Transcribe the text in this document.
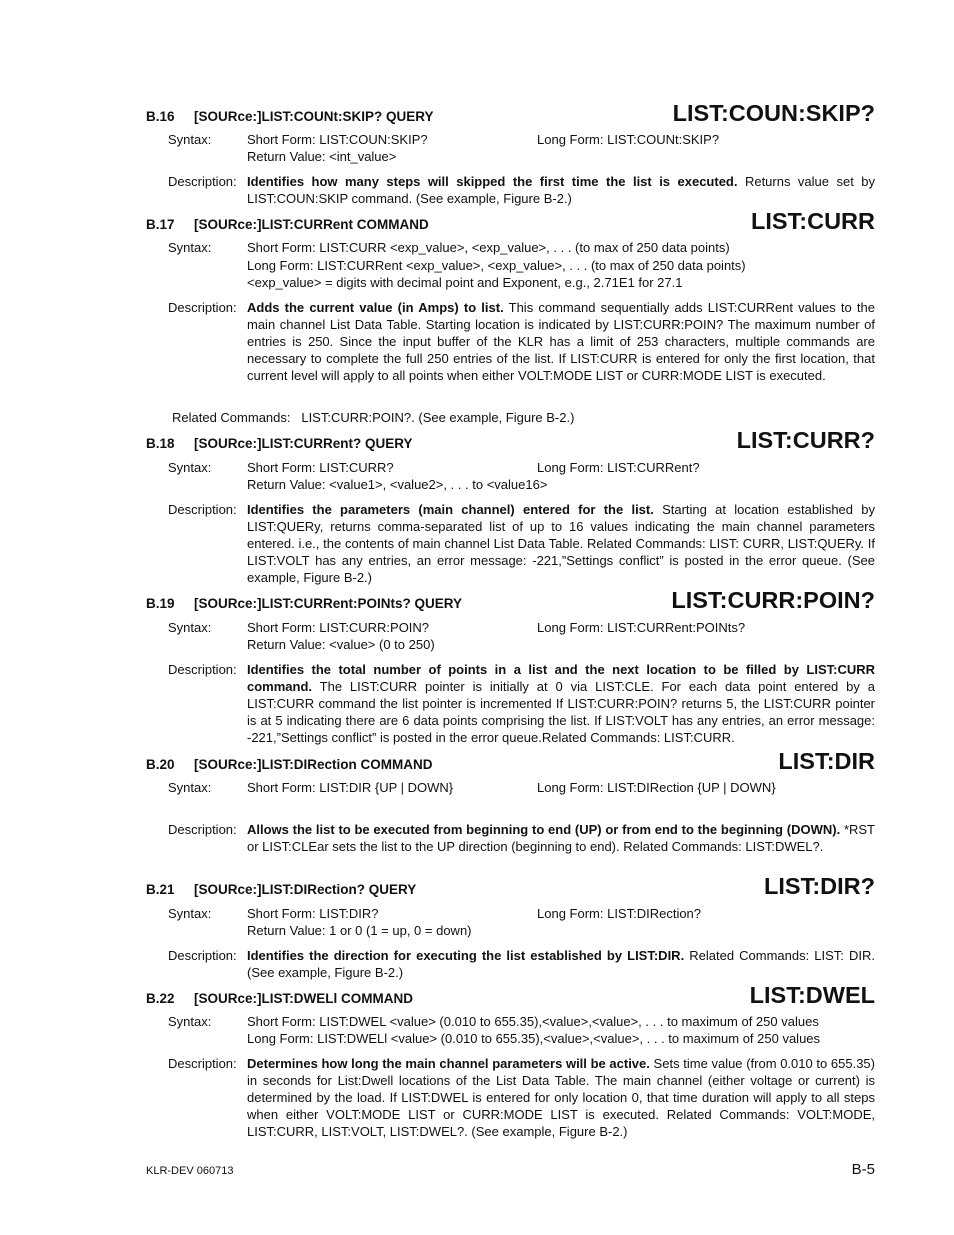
B.16 [SOURce:]LIST:COUNt:SKIP? QUERY	LIST:COUN:SKIP?
Syntax:	Short Form: LIST:COUN:SKIP?	Long Form: LIST:COUNt:SKIP?
Return Value: <int_value>
Description: Identifies how many steps will skipped the first time the list is executed. Returns value set by LIST:COUN:SKIP command. (See example, Figure B-2.)
B.17 [SOURce:]LIST:CURRent COMMAND	LIST:CURR
Syntax:	Short Form: LIST:CURR <exp_value>, <exp_value>, . . . (to max of 250 data points)
Long Form: LIST:CURRent <exp_value>, <exp_value>, . . . (to max of 250 data points)
<exp_value> = digits with decimal point and Exponent, e.g., 2.71E1 for 27.1
Description: Adds the current value (in Amps) to list. This command sequentially adds LIST:CURRent values to the main channel List Data Table. Starting location is indicated by LIST:CURR:POIN? The maximum number of entries is 250. Since the input buffer of the KLR has a limit of 253 characters, multiple commands are necessary to complete the full 250 entries of the list. If LIST:CURR is entered for only the first location, that current level will apply to all points when either VOLT:MODE LIST or CURR:MODE LIST is executed.
Related Commands:   LIST:CURR:POIN?. (See example, Figure B-2.)
B.18 [SOURce:]LIST:CURRent? QUERY	LIST:CURR?
Syntax:	Short Form: LIST:CURR?	Long Form: LIST:CURRent?
Return Value: <value1>, <value2>, . . . to <value16>
Description: Identifies the parameters (main channel) entered for the list. Starting at location established by LIST:QUERy, returns comma-separated list of up to 16 values indicating the main channel parameters entered. i.e., the contents of main channel List Data Table. Related Commands: LIST: CURR, LIST:QUERy. If LIST:VOLT has any entries, an error message: -221,”Settings conflict” is posted in the error queue. (See example, Figure B-2.)
B.19 [SOURce:]LIST:CURRent:POINts? QUERY	LIST:CURR:POIN?
Syntax:	Short Form: LIST:CURR:POIN?	Long Form: LIST:CURRent:POINts?
Return Value: <value> (0 to 250)
Description: Identifies the total number of points in a list and the next location to be filled by LIST:CURR command. The LIST:CURR pointer is initially at 0 via LIST:CLE. For each data point entered by a LIST:CURR command the list pointer is incremented If LIST:CURR:POIN? returns 5, the LIST:CURR pointer is at 5 indicating there are 6 data points comprising the list. If LIST:VOLT has any entries, an error message: -221,”Settings conflict” is posted in the error queue.Related Commands: LIST:CURR.
B.20 [SOURce:]LIST:DIRection COMMAND	LIST:DIR
Syntax:	Short Form: LIST:DIR {UP | DOWN}	Long Form: LIST:DIRection {UP | DOWN}
Description: Allows the list to be executed from beginning to end (UP) or from end to the beginning (DOWN). *RST or LIST:CLEar sets the list to the UP direction (beginning to end). Related Commands: LIST:DWEL?.
B.21 [SOURce:]LIST:DIRection? QUERY	LIST:DIR?
Syntax:	Short Form: LIST:DIR?	Long Form: LIST:DIRection?
Return Value: 1 or 0 (1 = up, 0 = down)
Description: Identifies the direction for executing the list established by LIST:DIR. Related Commands: LIST: DIR. (See example, Figure B-2.)
B.22 [SOURce:]LIST:DWELl COMMAND	LIST:DWEL
Syntax:	Short Form: LIST:DWEL <value> (0.010 to 655.35),<value>,<value>, . . . to maximum of 250 values
Long Form: LIST:DWELl <value> (0.010 to 655.35),<value>,<value>, . . . to maximum of 250 values
Description: Determines how long the main channel parameters will be active. Sets time value (from 0.010 to 655.35) in seconds for List:Dwell locations of the List Data Table. The main channel (either voltage or current) is determined by the load. If LIST:DWEL is entered for only location 0, that time duration will apply to all steps when either VOLT:MODE LIST or CURR:MODE LIST is executed. Related Commands: VOLT:MODE, LIST:CURR, LIST:VOLT, LIST:DWEL?. (See example, Figure B-2.)
KLR-DEV 060713	B-5
